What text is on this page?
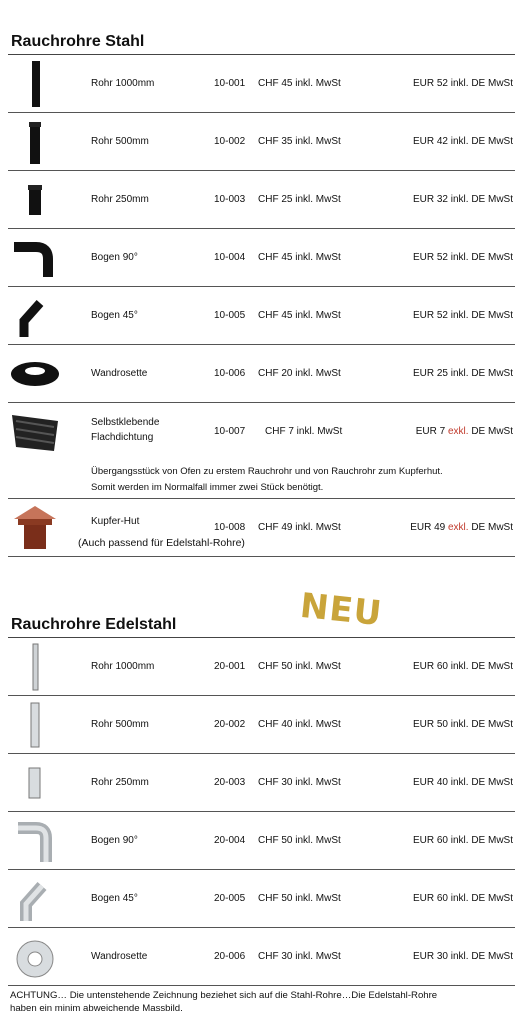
Rauchrohre Stahl
Rohr 1000mm	10-001 CHF 45 inkl. MwSt	EUR 52 inkl. DE MwSt
Rohr 500mm	10-002 CHF 35 inkl. MwSt	EUR 42 inkl. DE MwSt
Rohr 250mm	10-003 CHF 25 inkl. MwSt	EUR 32 inkl. DE MwSt
Bogen 90°	10-004 CHF 45 inkl. MwSt	EUR 52 inkl. DE MwSt
Bogen 45°	10-005 CHF 45 inkl. MwSt	EUR 52 inkl. DE MwSt
Wandrosette	10-006 CHF 20 inkl. MwSt	EUR 25 inkl. DE MwSt
Selbstklebende
Flachdichtung
10-007 CHF 7 inkl. MwSt	EUR 7 exkl. DE MwSt
Übergangsstück von Ofen zu erstem Rauchrohr und von Rauchrohr zum Kupferhut.
Somit werden im Normalfall immer zwei Stück benötigt.
Kupfer-Hut
(Auch passend für Edelstahl-Rohre)
10-008 CHF 49 inkl. MwSt	EUR 49 exkl. DE MwSt
NEU
Rauchrohre Edelstahl
Rohr 1000mm	20-001 CHF 50 inkl. MwSt	EUR 60 inkl. DE MwSt
Rohr 500mm	20-002 CHF 40 inkl. MwSt	EUR 50 inkl. DE MwSt
Rohr 250mm	20-003 CHF 30 inkl. MwSt	EUR 40 inkl. DE MwSt
Bogen 90°	20-004 CHF 50 inkl. MwSt	EUR 60 inkl. DE MwSt
Bogen 45°	20-005 CHF 50 inkl. MwSt	EUR 60 inkl. DE MwSt
Wandrosette	20-006 CHF 30 inkl. MwSt	EUR 30 inkl. DE MwSt
ACHTUNG… Die untenstehende Zeichnung beziehet sich auf die Stahl-Rohre…Die Edelstahl-Rohre
haben ein minim abweichende Massbild.
